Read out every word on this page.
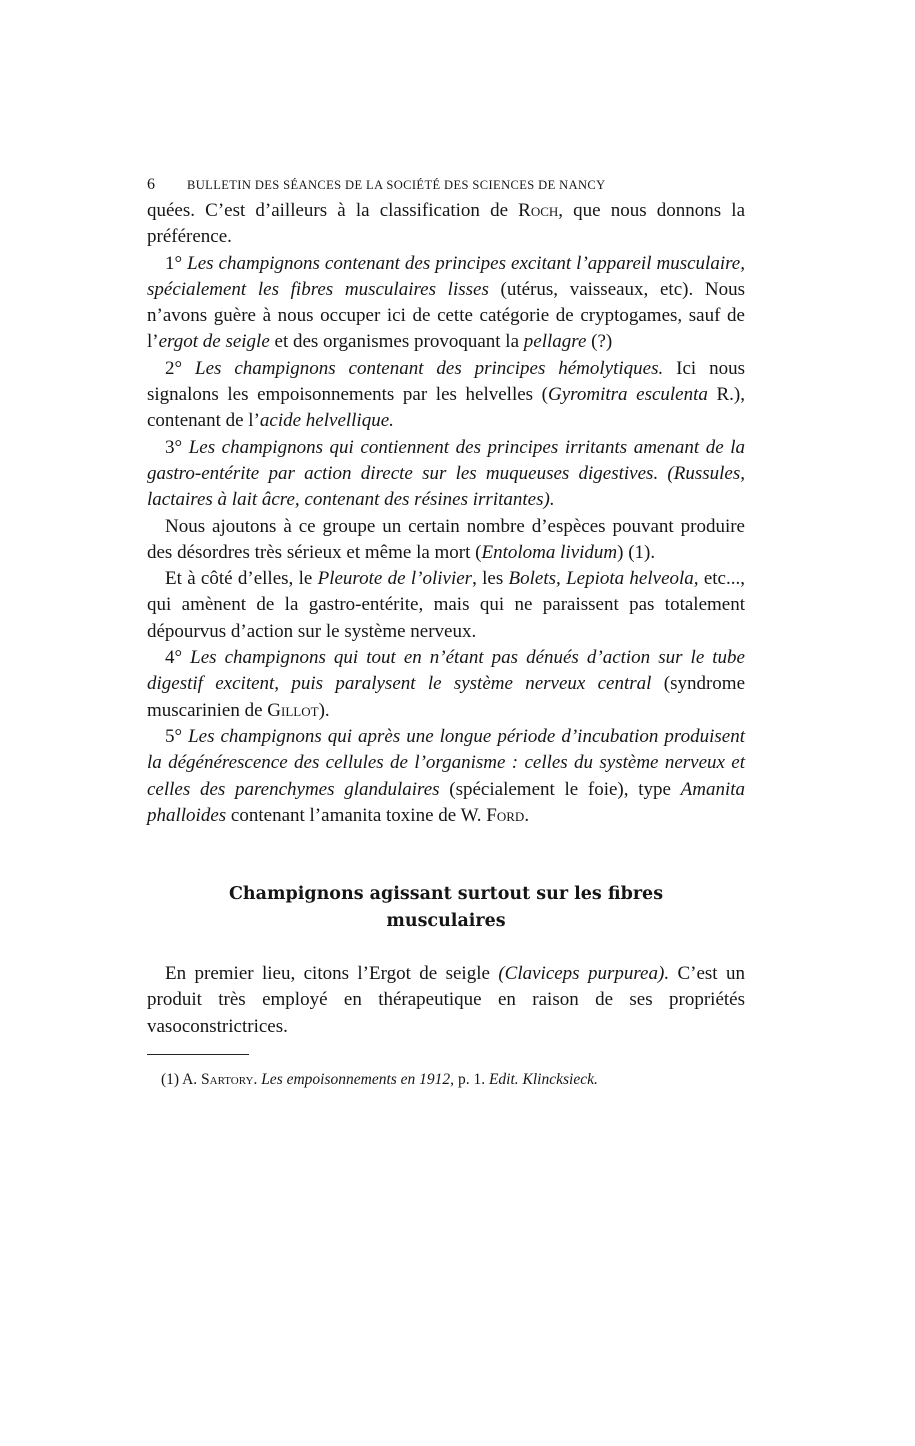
6	BULLETIN DES SÉANCES DE LA SOCIÉTÉ DES SCIENCES DE NANCY

quées. C’est d’ailleurs à la classification de Roch, que nous donnons la préférence.

1° Les champignons contenant des principes excitant l’appareil musculaire, spécialement les fibres musculaires lisses (utérus, vaisseaux, etc). Nous n’avons guère à nous occuper ici de cette catégorie de cryptogames, sauf de l’ergot de seigle et des organismes provoquant la pellagre (?)

2° Les champignons contenant des principes hémolytiques. Ici nous signalons les empoisonnements par les helvelles (Gyromitra esculenta R.), contenant de l’acide helvellique.

3° Les champignons qui contiennent des principes irritants amenant de la gastro-entérite par action directe sur les muqueuses digestives. (Russules, lactaires à lait âcre, contenant des résines irritantes).

Nous ajoutons à ce groupe un certain nombre d’espèces pouvant produire des désordres très sérieux et même la mort (Entoloma lividum) (1).

Et à côté d’elles, le Pleurote de l’olivier, les Bolets, Lepiota helveola, etc..., qui amènent de la gastro-entérite, mais qui ne paraissent pas totalement dépourvus d’action sur le système nerveux.

4° Les champignons qui tout en n’étant pas dénués d’action sur le tube digestif excitent, puis paralysent le système nerveux central (syndrome muscarinien de Gillot).

5° Les champignons qui après une longue période d’incubation produisent la dégénérescence des cellules de l’organisme : celles du système nerveux et celles des parenchymes glandulaires (spécialement le foie), type Amanita phalloides contenant l’amanita toxine de W. Ford.

Champignons agissant surtout sur les fibres musculaires

En premier lieu, citons l’Ergot de seigle (Claviceps purpurea). C’est un produit très employé en thérapeutique en raison de ses propriétés vasoconstrictrices.

(1) A. Sartory. Les empoisonnements en 1912, p. 1. Edit. Klincksieck.
